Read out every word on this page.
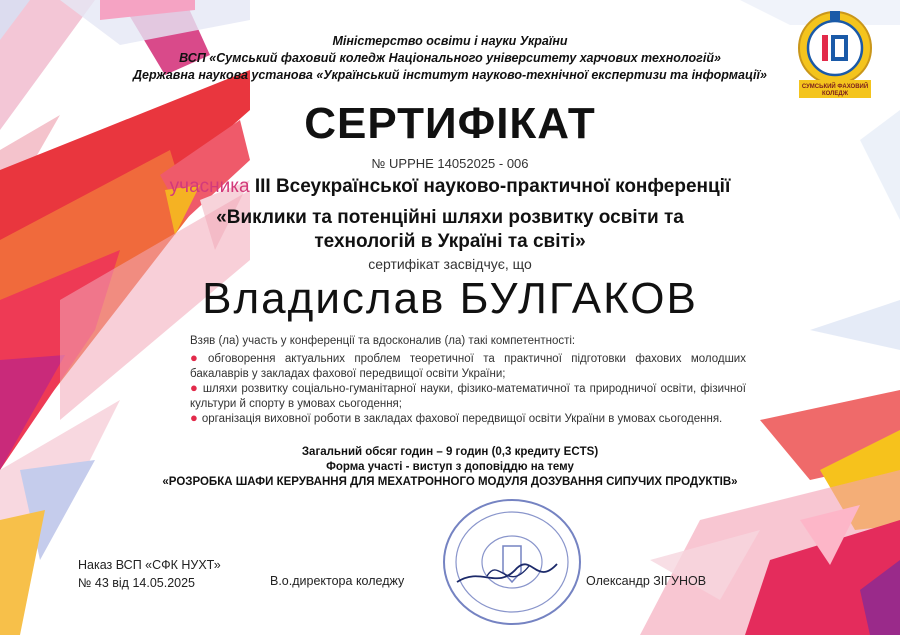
СУМСЬКИЙ ФАХОВИЙ
КОЛЕДЖ

Міністерство освіти і науки України

ВСП «Сумський фаховий коледж Національного університету харчових технологій»

Державна наукова установа «Український інститут науково-технічної експертизи та інформації»

СЕРТИФІКАТ

№ UPPHE 14052025 - 006

учасника ІІІ Всеукраїнської науково-практичної конференції

«Виклики та потенційні шляхи розвитку освіти та

технологій в Україні та світі»

сертифікат засвідчує, що

Владислав БУЛГАКОВ

Взяв (ла) участь у конференції та вдосконалив (ла) такі компетентності:

● обговорення актуальних проблем теоретичної та практичної підготовки фахових молодших бакалаврів у закладах фахової передвищої освіти України;

● шляхи розвитку соціально-гуманітарної науки, фізико-математичної та природничої освіти, фізичної культури й спорту в умовах сьогодення;

● організація виховної роботи в закладах фахової передвищої освіти України в умовах сьогодення.

Загальний обсяг годин – 9 годин (0,3 кредиту ECTS)

Форма участі - виступ з доповіддю на тему

«РОЗРОБКА ШАФИ КЕРУВАННЯ ДЛЯ МЕХАТРОННОГО МОДУЛЯ ДОЗУВАННЯ СИПУЧИХ ПРОДУКТІВ»

Наказ ВСП «СФК НУХТ»
№ 43 від 14.05.2025	В.о.директора коледжу	Олександр ЗІГУНОВ
